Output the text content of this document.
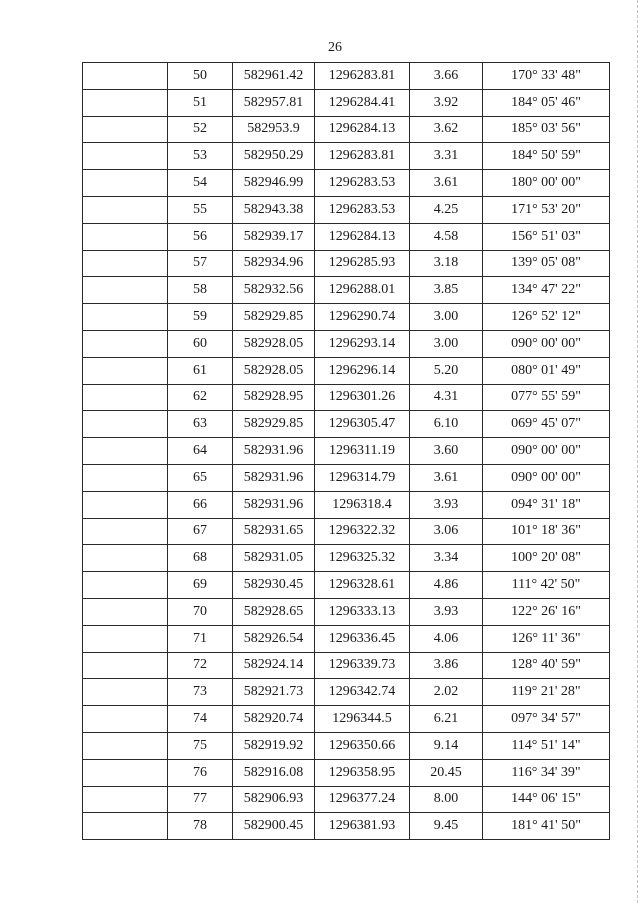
26
	50	582961.42	1296283.81	3.66	170° 33' 48"
	51	582957.81	1296284.41	3.92	184° 05' 46"
	52	582953.9	1296284.13	3.62	185° 03' 56"
	53	582950.29	1296283.81	3.31	184° 50' 59"
	54	582946.99	1296283.53	3.61	180° 00' 00"
	55	582943.38	1296283.53	4.25	171° 53' 20"
	56	582939.17	1296284.13	4.58	156° 51' 03"
	57	582934.96	1296285.93	3.18	139° 05' 08"
	58	582932.56	1296288.01	3.85	134° 47' 22"
	59	582929.85	1296290.74	3.00	126° 52' 12"
	60	582928.05	1296293.14	3.00	090° 00' 00"
	61	582928.05	1296296.14	5.20	080° 01' 49"
	62	582928.95	1296301.26	4.31	077° 55' 59"
	63	582929.85	1296305.47	6.10	069° 45' 07"
	64	582931.96	1296311.19	3.60	090° 00' 00"
	65	582931.96	1296314.79	3.61	090° 00' 00"
	66	582931.96	1296318.4	3.93	094° 31' 18"
	67	582931.65	1296322.32	3.06	101° 18' 36"
	68	582931.05	1296325.32	3.34	100° 20' 08"
	69	582930.45	1296328.61	4.86	111° 42' 50"
	70	582928.65	1296333.13	3.93	122° 26' 16"
	71	582926.54	1296336.45	4.06	126° 11' 36"
	72	582924.14	1296339.73	3.86	128° 40' 59"
	73	582921.73	1296342.74	2.02	119° 21' 28"
	74	582920.74	1296344.5	6.21	097° 34' 57"
	75	582919.92	1296350.66	9.14	114° 51' 14"
	76	582916.08	1296358.95	20.45	116° 34' 39"
	77	582906.93	1296377.24	8.00	144° 06' 15"
	78	582900.45	1296381.93	9.45	181° 41' 50"
